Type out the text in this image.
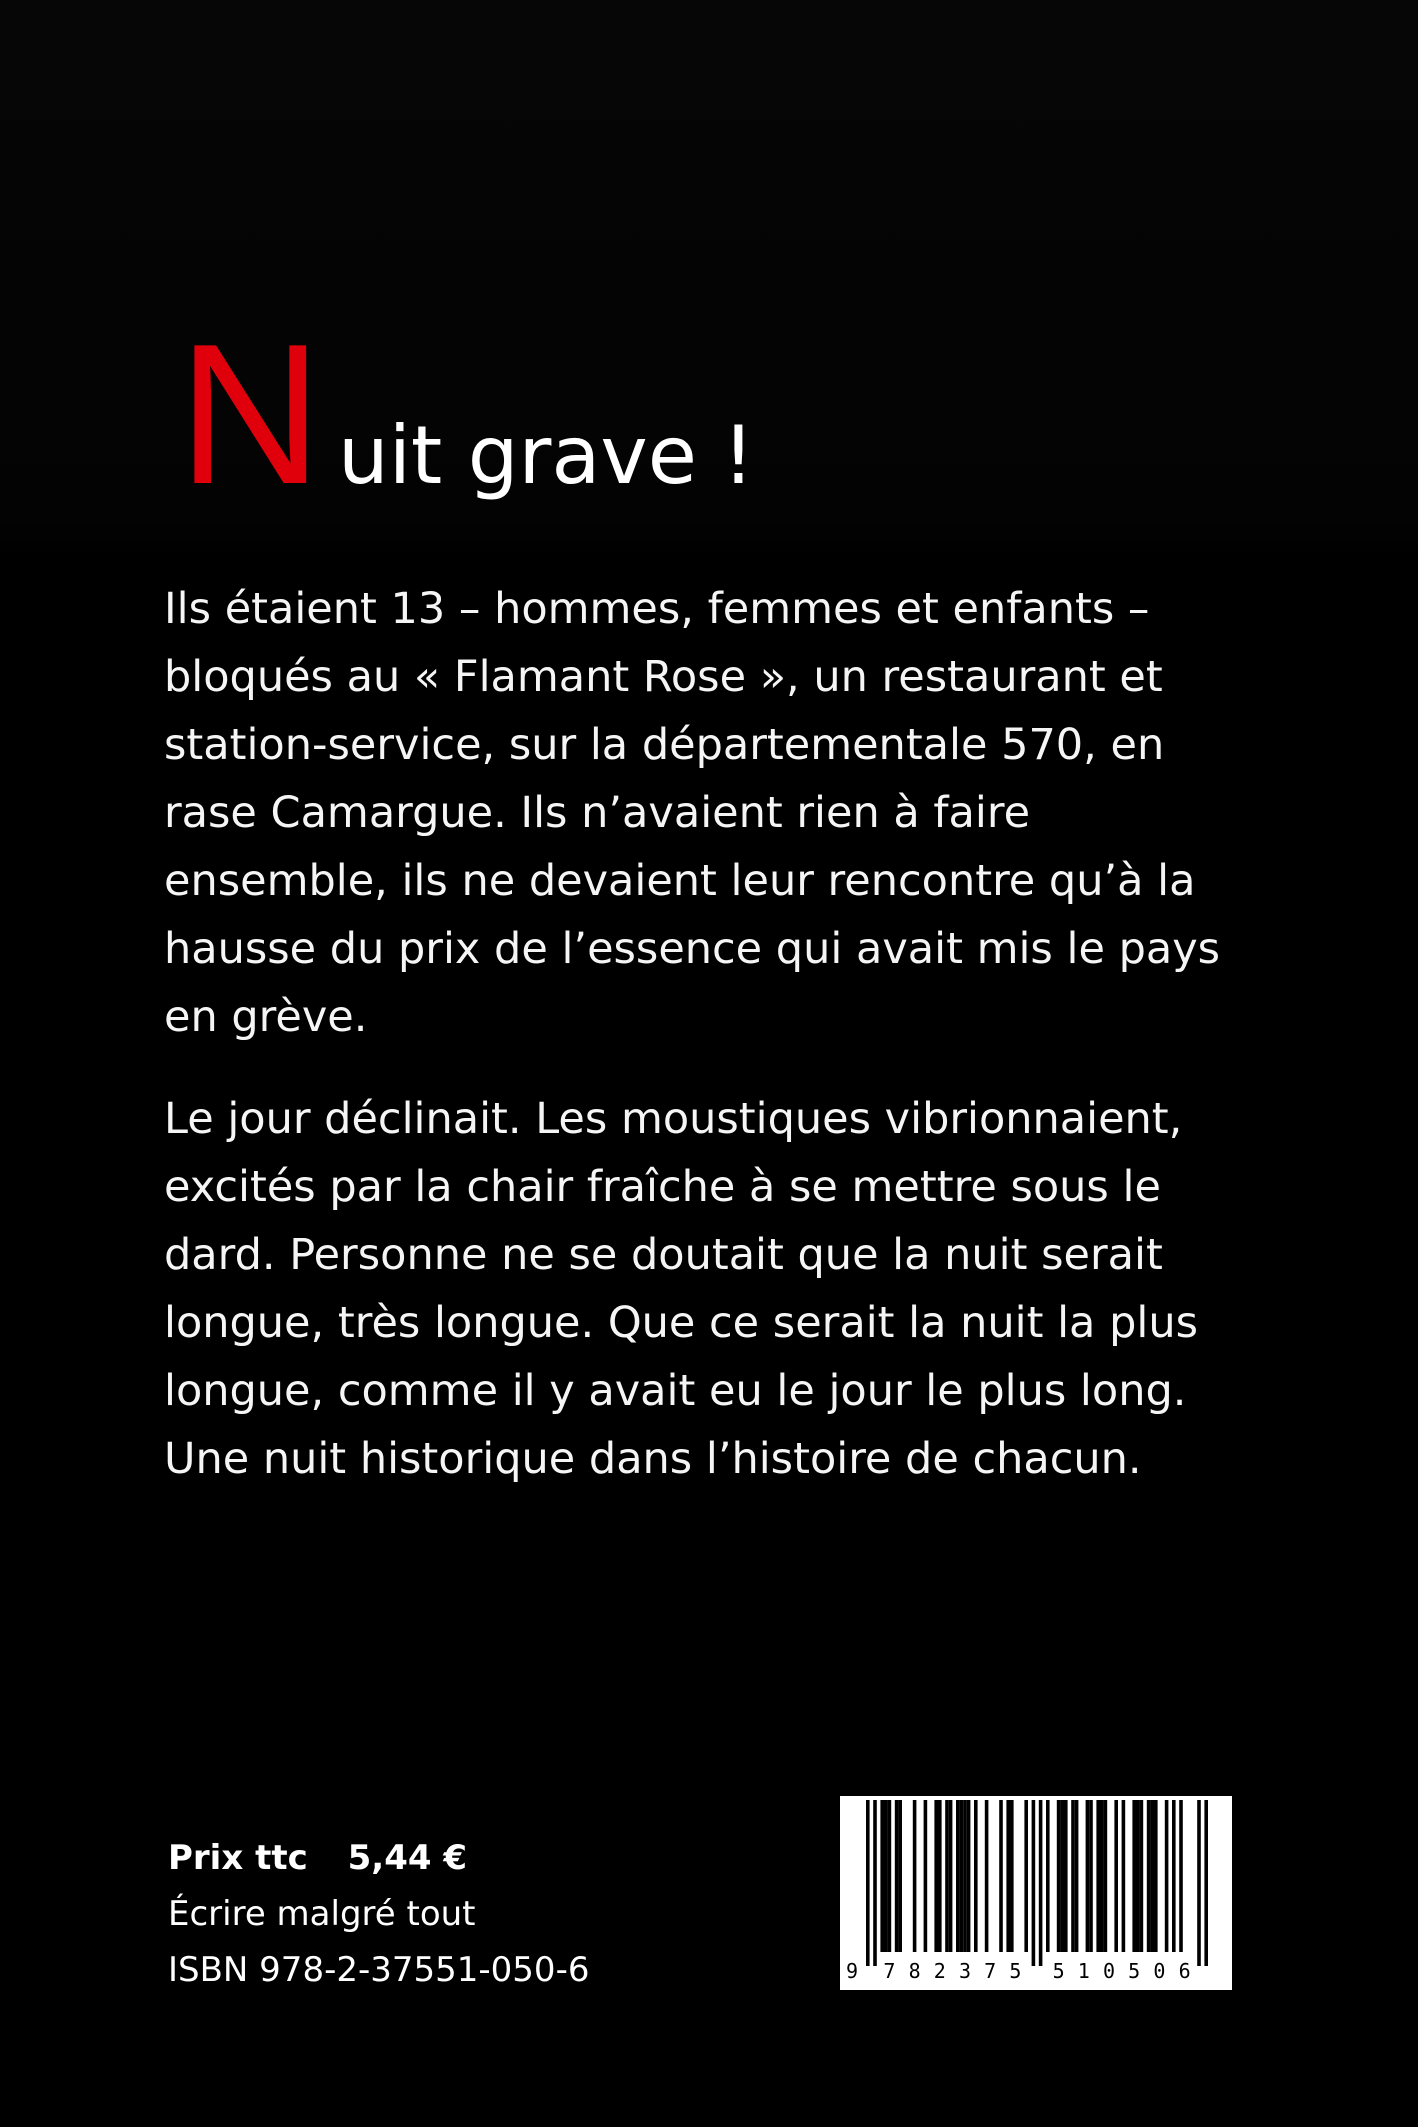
N uit grave !

Ils étaient 13 – hommes, femmes et enfants –
bloqués au « Flamant Rose », un restaurant et
station-service, sur la départementale 570, en
rase Camargue. Ils n’avaient rien à faire
ensemble, ils ne devaient leur rencontre qu’à la
hausse du prix de l’essence qui avait mis le pays
en grève.

Le jour déclinait. Les moustiques vibrionnaient,
excités par la chair fraîche à se mettre sous le
dard. Personne ne se doutait que la nuit serait
longue, très longue. Que ce serait la nuit la plus
longue, comme il y avait eu le jour le plus long.
Une nuit historique dans l’histoire de chacun.

Prix ttc 5,44 €
Écrire malgré tout
ISBN 978-2-37551-050-6	9 7 8 2 3 7 5 5 1 0 5 0 6
